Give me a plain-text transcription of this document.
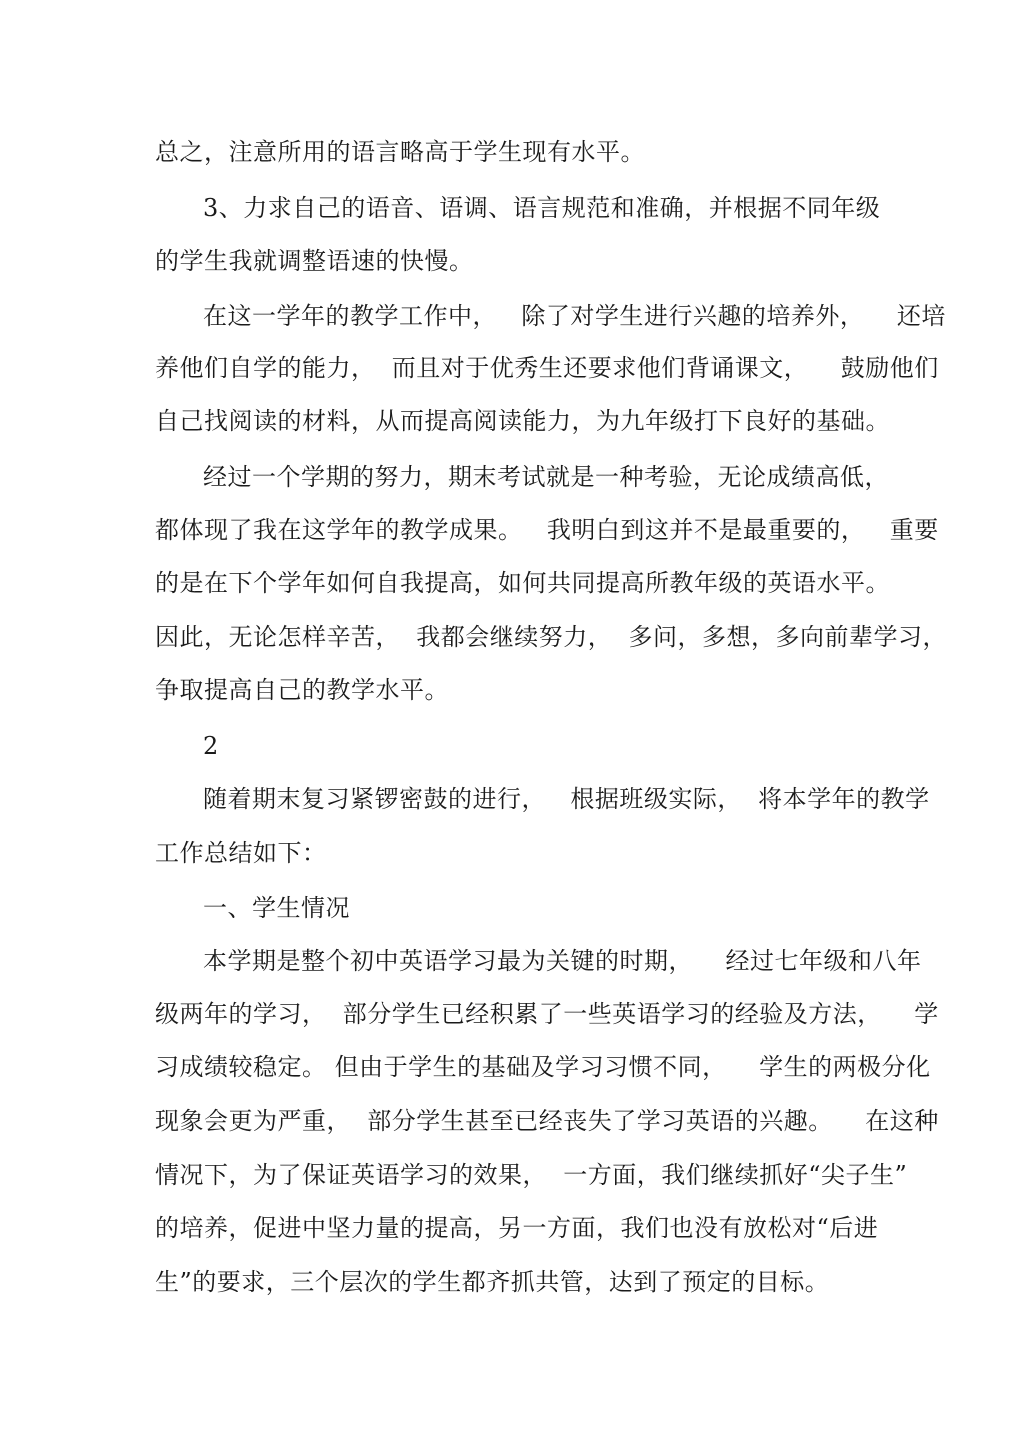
总之，注意所用的语言略高于学生现有水平。
3、力求自己的语音、语调、语言规范和准确，并根据不同年级
的学生我就调整语速的快慢。
在这一学年的教学工作中，   除了对学生进行兴趣的培养外，    还培
养他们自学的能力，  而且对于优秀生还要求他们背诵课文，    鼓励他们
自己找阅读的材料，从而提高阅读能力，为九年级打下良好的基础。
经过一个学期的努力，期末考试就是一种考验，无论成绩高低，
都体现了我在这学年的教学成果。   我明白到这并不是最重要的，   重要
的是在下个学年如何自我提高，如何共同提高所教年级的英语水平。
因此，无论怎样辛苦，  我都会继续努力，  多问，多想，多向前辈学习，
争取提高自己的教学水平。
2
随着期末复习紧锣密鼓的进行，   根据班级实际，  将本学年的教学
工作总结如下：
一、学生情况
本学期是整个初中英语学习最为关键的时期，    经过七年级和八年
级两年的学习，  部分学生已经积累了一些英语学习的经验及方法，    学
习成绩较稳定。 但由于学生的基础及学习习惯不同，    学生的两极分化
现象会更为严重，  部分学生甚至已经丧失了学习英语的兴趣。    在这种
情况下，为了保证英语学习的效果，  一方面，我们继续抓好“尖子生”
的培养，促进中坚力量的提高，另一方面，我们也没有放松对“后进
生”的要求，三个层次的学生都齐抓共管，达到了预定的目标。
